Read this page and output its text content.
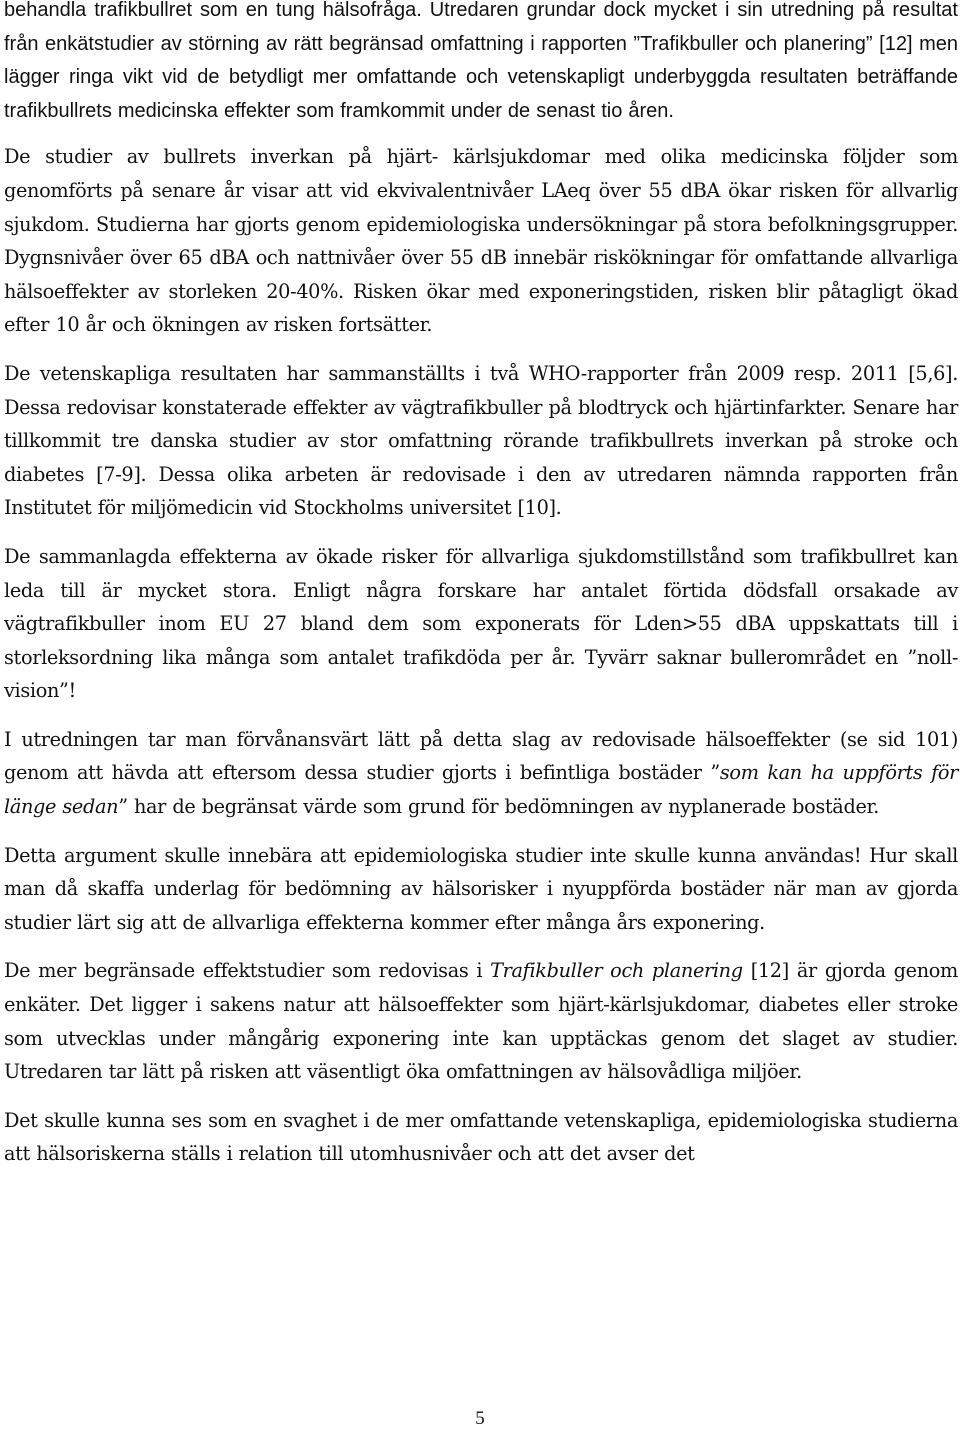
behandla trafikbullret som en tung hälsofråga. Utredaren grundar dock mycket i sin utredning på resultat från enkätstudier av störning av rätt begränsad omfattning i rapporten ”Trafikbuller och planering” [12] men lägger ringa vikt vid de betydligt mer omfattande och vetenskapligt underbyggda resultaten beträffande trafikbullrets medicinska effekter som framkommit under de senast tio åren.

De studier av bullrets inverkan på hjärt- kärlsjukdomar med olika medicinska följder som genomförts på senare år visar att vid ekvivalentnivåer LAeq över 55 dBA ökar risken för allvarlig sjukdom. Studierna har gjorts genom epidemiologiska undersökningar på stora befolkningsgrupper. Dygnsnivåer över 65 dBA och nattnivåer över 55 dB innebär riskökningar för omfattande allvarliga hälsoeffekter av storleken 20-40%. Risken ökar med exponeringstiden, risken blir påtagligt ökad efter 10 år och ökningen av risken fortsätter.

De vetenskapliga resultaten har sammanställts i två WHO-rapporter från 2009 resp. 2011 [5,6]. Dessa redovisar konstaterade effekter av vägtrafikbuller på blodtryck och hjärtinfarkter. Senare har tillkommit tre danska studier av stor omfattning rörande trafikbullrets inverkan på stroke och diabetes [7-9]. Dessa olika arbeten är redovisade i den av utredaren nämnda rapporten från Institutet för miljömedicin vid Stockholms universitet [10].

De sammanlagda effekterna av ökade risker för allvarliga sjukdomstillstånd som trafikbullret kan leda till är mycket stora. Enligt några forskare har antalet förtida dödsfall orsakade av vägtrafikbuller inom EU 27 bland dem som exponerats för Lden>55 dBA uppskattats till i storleksordning lika många som antalet trafikdöda per år. Tyvärr saknar bullerområdet en ”noll-vision”!

I utredningen tar man förvånansvärt lätt på detta slag av redovisade hälsoeffekter (se sid 101) genom att hävda att eftersom dessa studier gjorts i befintliga bostäder ”som kan ha uppförts för länge sedan” har de begränsat värde som grund för bedömningen av nyplanerade bostäder.

Detta argument skulle innebära att epidemiologiska studier inte skulle kunna användas! Hur skall man då skaffa underlag för bedömning av hälsorisker i nyuppförda bostäder när man av gjorda studier lärt sig att de allvarliga effekterna kommer efter många års exponering.

De mer begränsade effektstudier som redovisas i Trafikbuller och planering [12] är gjorda genom enkäter. Det ligger i sakens natur att hälsoeffekter som hjärt-kärlsjukdomar, diabetes eller stroke som utvecklas under mångårig exponering inte kan upptäckas genom det slaget av studier. Utredaren tar lätt på risken att väsentligt öka omfattningen av hälsovådliga miljöer.

Det skulle kunna ses som en svaghet i de mer omfattande vetenskapliga, epidemiologiska studierna att hälsoriskerna ställs i relation till utomhusnivåer och att det avser det

5
